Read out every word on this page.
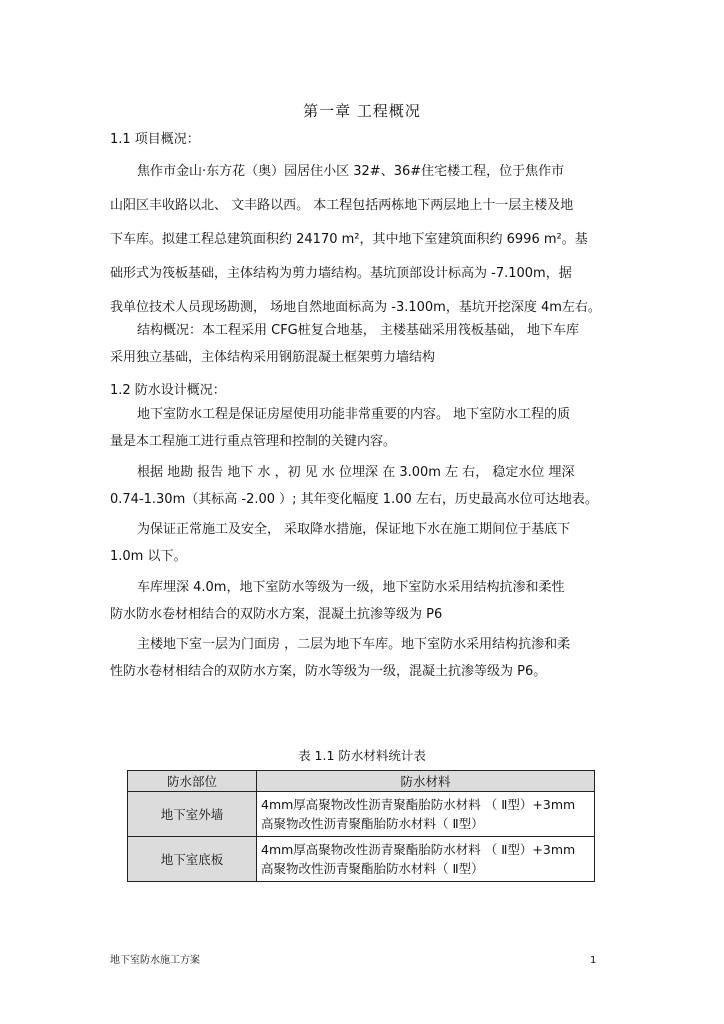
第一章 工程概况

1.1 项目概况：

焦作市金山·东方花（奥）园居住小区 32#、36#住宅楼工程，位于焦作市

山阳区丰收路以北、 文丰路以西。 本工程包括两栋地下两层地上十一层主楼及地

下车库。拟建工程总建筑面积约 24170 m²，其中地下室建筑面积约 6996 m²。基

础形式为筏板基础，主体结构为剪力墙结构。基坑顶部设计标高为 -7.100m，据

我单位技术人员现场勘测， 场地自然地面标高为 -3.100m，基坑开挖深度 4m左右。

结构概况：本工程采用 CFG桩复合地基， 主楼基础采用筏板基础， 地下车库

采用独立基础，主体结构采用钢筋混凝土框架剪力墙结构

1.2 防水设计概况：

地下室防水工程是保证房屋使用功能非常重要的内容。 地下室防水工程的质

量是本工程施工进行重点管理和控制的关键内容。

根据 地勘 报告 地下 水 ，初 见 水 位埋深 在 3.00m 左 右， 稳定水位 埋深

0.74-1.30m（其标高 -2.00 ）; 其年变化幅度 1.00 左右，历史最高水位可达地表。

为保证正常施工及安全， 采取降水措施，保证地下水在施工期间位于基底下

1.0m 以下。

车库埋深 4.0m，地下室防水等级为一级，地下室防水采用结构抗渗和柔性

防水防水卷材相结合的双防水方案，混凝土抗渗等级为 P6

主楼地下室一层为门面房 ，二层为地下车库。地下室防水采用结构抗渗和柔

性防水卷材相结合的双防水方案，防水等级为一级，混凝土抗渗等级为 P6。

表 1.1 防水材料统计表

防水部位	防水材料
地下室外墙	4mm厚高聚物改性沥青聚酯胎防水材料 （ Ⅱ型）+3mm
高聚物改性沥青聚酯胎防水材料（ Ⅱ型）

地下室底板	4mm厚高聚物改性沥青聚酯胎防水材料 （ Ⅱ型）+3mm
高聚物改性沥青聚酯胎防水材料（ Ⅱ型）

地下室防水施工方案	1
